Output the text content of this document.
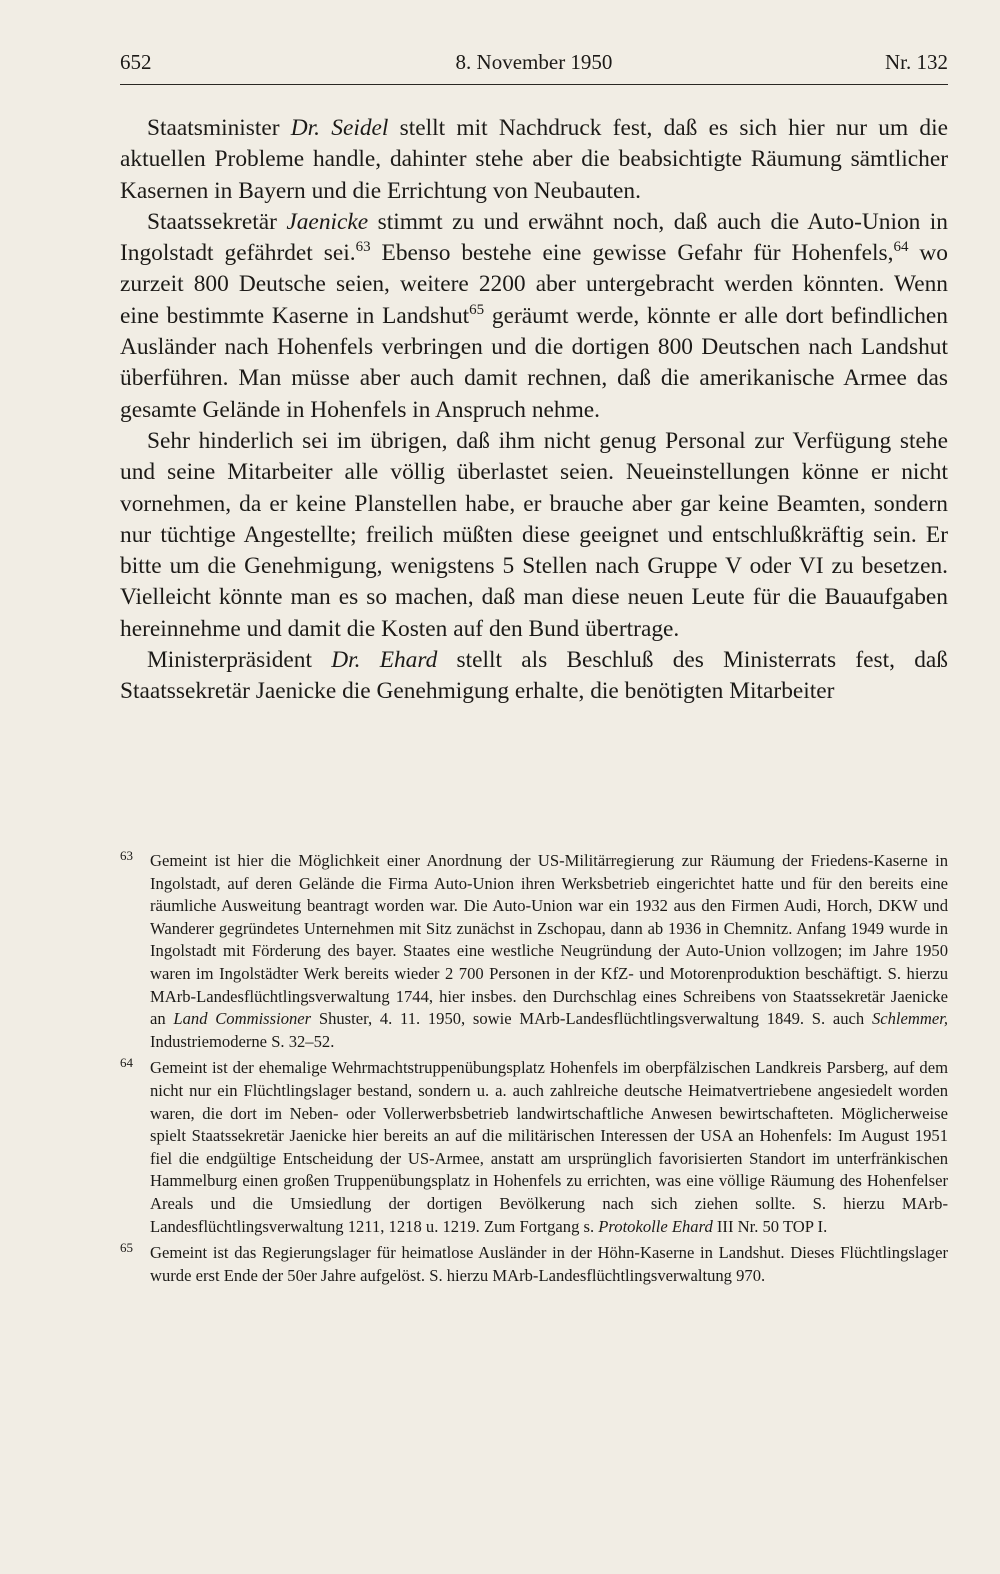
652	8. November 1950	Nr. 132

Staatsminister Dr. Seidel stellt mit Nachdruck fest, daß es sich hier nur um die aktuellen Probleme handle, dahinter stehe aber die beabsichtigte Räumung sämtlicher Kasernen in Bayern und die Errichtung von Neubauten.

Staatssekretär Jaenicke stimmt zu und erwähnt noch, daß auch die Auto-Union in Ingolstadt gefährdet sei.$^{63}$ Ebenso bestehe eine gewisse Gefahr für Hohenfels,$^{64}$ wo zurzeit 800 Deutsche seien, weitere 2200 aber untergebracht werden könnten. Wenn eine bestimmte Kaserne in Landshut$^{65}$ geräumt werde, könnte er alle dort befindlichen Ausländer nach Hohenfels verbringen und die dortigen 800 Deutschen nach Landshut überführen. Man müsse aber auch damit rechnen, daß die amerikanische Armee das gesamte Gelände in Hohenfels in Anspruch nehme.

Sehr hinderlich sei im übrigen, daß ihm nicht genug Personal zur Verfügung stehe und seine Mitarbeiter alle völlig überlastet seien. Neueinstellungen könne er nicht vornehmen, da er keine Planstellen habe, er brauche aber gar keine Beamten, sondern nur tüchtige Angestellte; freilich müßten diese geeignet und entschlußkräftig sein. Er bitte um die Genehmigung, wenigstens 5 Stellen nach Gruppe V oder VI zu besetzen. Vielleicht könnte man es so machen, daß man diese neuen Leute für die Bauaufgaben hereinnehme und damit die Kosten auf den Bund übertrage.

Ministerpräsident Dr. Ehard stellt als Beschluß des Ministerrats fest, daß Staatssekretär Jaenicke die Genehmigung erhalte, die benötigten Mitarbeiter

63 Gemeint ist hier die Möglichkeit einer Anordnung der US-Militärregierung zur Räumung der Friedens-Kaserne in Ingolstadt, auf deren Gelände die Firma Auto-Union ihren Werksbetrieb eingerichtet hatte und für den bereits eine räumliche Ausweitung beantragt worden war. Die Auto-Union war ein 1932 aus den Firmen Audi, Horch, DKW und Wanderer gegründetes Unternehmen mit Sitz zunächst in Zschopau, dann ab 1936 in Chemnitz. Anfang 1949 wurde in Ingolstadt mit Förderung des bayer. Staates eine westliche Neugründung der Auto-Union vollzogen; im Jahre 1950 waren im Ingolstädter Werk bereits wieder 2 700 Personen in der KfZ- und Motorenproduktion beschäftigt. S. hierzu MArb-Landesflüchtlingsverwaltung 1744, hier insbes. den Durchschlag eines Schreibens von Staatssekretär Jaenicke an Land Commissioner Shuster, 4. 11. 1950, sowie MArb-Landesflüchtlingsverwaltung 1849. S. auch Schlemmer, Industriemoderne S. 32–52.
64 Gemeint ist der ehemalige Wehrmachtstruppenübungsplatz Hohenfels im oberpfälzischen Landkreis Parsberg, auf dem nicht nur ein Flüchtlingslager bestand, sondern u. a. auch zahlreiche deutsche Heimatvertriebene angesiedelt worden waren, die dort im Neben- oder Vollerwerbsbetrieb landwirtschaftliche Anwesen bewirtschafteten. Möglicherweise spielt Staatssekretär Jaenicke hier bereits an auf die militärischen Interessen der USA an Hohenfels: Im August 1951 fiel die endgültige Entscheidung der US-Armee, anstatt am ursprünglich favorisierten Standort im unterfränkischen Hammelburg einen großen Truppenübungsplatz in Hohenfels zu errichten, was eine völlige Räumung des Hohenfelser Areals und die Umsiedlung der dortigen Bevölkerung nach sich ziehen sollte. S. hierzu MArb-Landesflüchtlingsverwaltung 1211, 1218 u. 1219. Zum Fortgang s. Protokolle Ehard III Nr. 50 TOP I.
65 Gemeint ist das Regierungslager für heimatlose Ausländer in der Höhn-Kaserne in Landshut. Dieses Flüchtlingslager wurde erst Ende der 50er Jahre aufgelöst. S. hierzu MArb-Landesflüchtlingsverwaltung 970.
